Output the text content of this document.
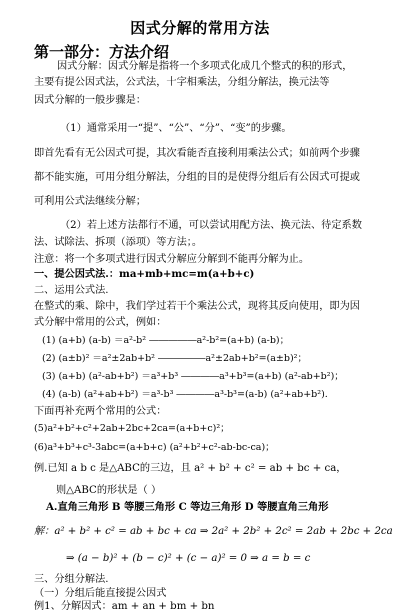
因式分解的常用方法
第一部分：方法介绍
因式分解：因式分解是指将一个多项式化成几个整式的积的形式，
主要有提公因式法，公式法，十字相乘法，分组分解法，换元法等
因式分解的一般步骤是：
（1）通常采用一“提”、“公”、“分”、“变”的步骤。
即首先看有无公因式可提，其次看能否直接利用乘法公式；如前两个步骤
都不能实施，可用分组分解法，分组的目的是使得分组后有公因式可提或
可利用公式法继续分解；
（2）若上述方法都行不通，可以尝试用配方法、换元法、待定系数
法、试除法、拆项（添项）等方法；。
注意：将一个多项式进行因式分解应分解到不能再分解为止。
一、提公因式法.：ma+mb+mc=m(a+b+c)
二、运用公式法.
在整式的乘、除中，我们学过若干个乘法公式，现将其反向使用，即为因
式分解中常用的公式，例如：
(1) (a+b) (a-b) ＝a²-b² ―――――a²-b²=(a+b) (a-b)；
(2) (a±b)² ＝a²±2ab+b² ―――――a²±2ab+b²=(a±b)²；
(3) (a+b) (a²-ab+b²) ＝a³+b³ ――――a³+b³=(a+b) (a²-ab+b²)；
(4) (a-b) (a²+ab+b²) ＝a³-b³ ――――a³-b³=(a-b) (a²+ab+b²).
下面再补充两个常用的公式：
(5)a²+b²+c²+2ab+2bc+2ca=(a+b+c)²；
(6)a³+b³+c³-3abc=(a+b+c) (a²+b²+c²-ab-bc-ca)；
例.已知 a b c 是△ABC的三边，且 a² + b² + c² = ab + bc + ca，
则△ABC的形状是（ ）
A.直角三角形 B 等腰三角形 C 等边三角形 D 等腰直角三角形
解：a² + b² + c² = ab + bc + ca ⇒ 2a² + 2b² + 2c² = 2ab + 2bc + 2ca
⇒ (a − b)² + (b − c)² + (c − a)² = 0 ⇒ a = b = c
三、分组分解法.
（一）分组后能直接提公因式
例1、分解因式：am + an + bm + bn
